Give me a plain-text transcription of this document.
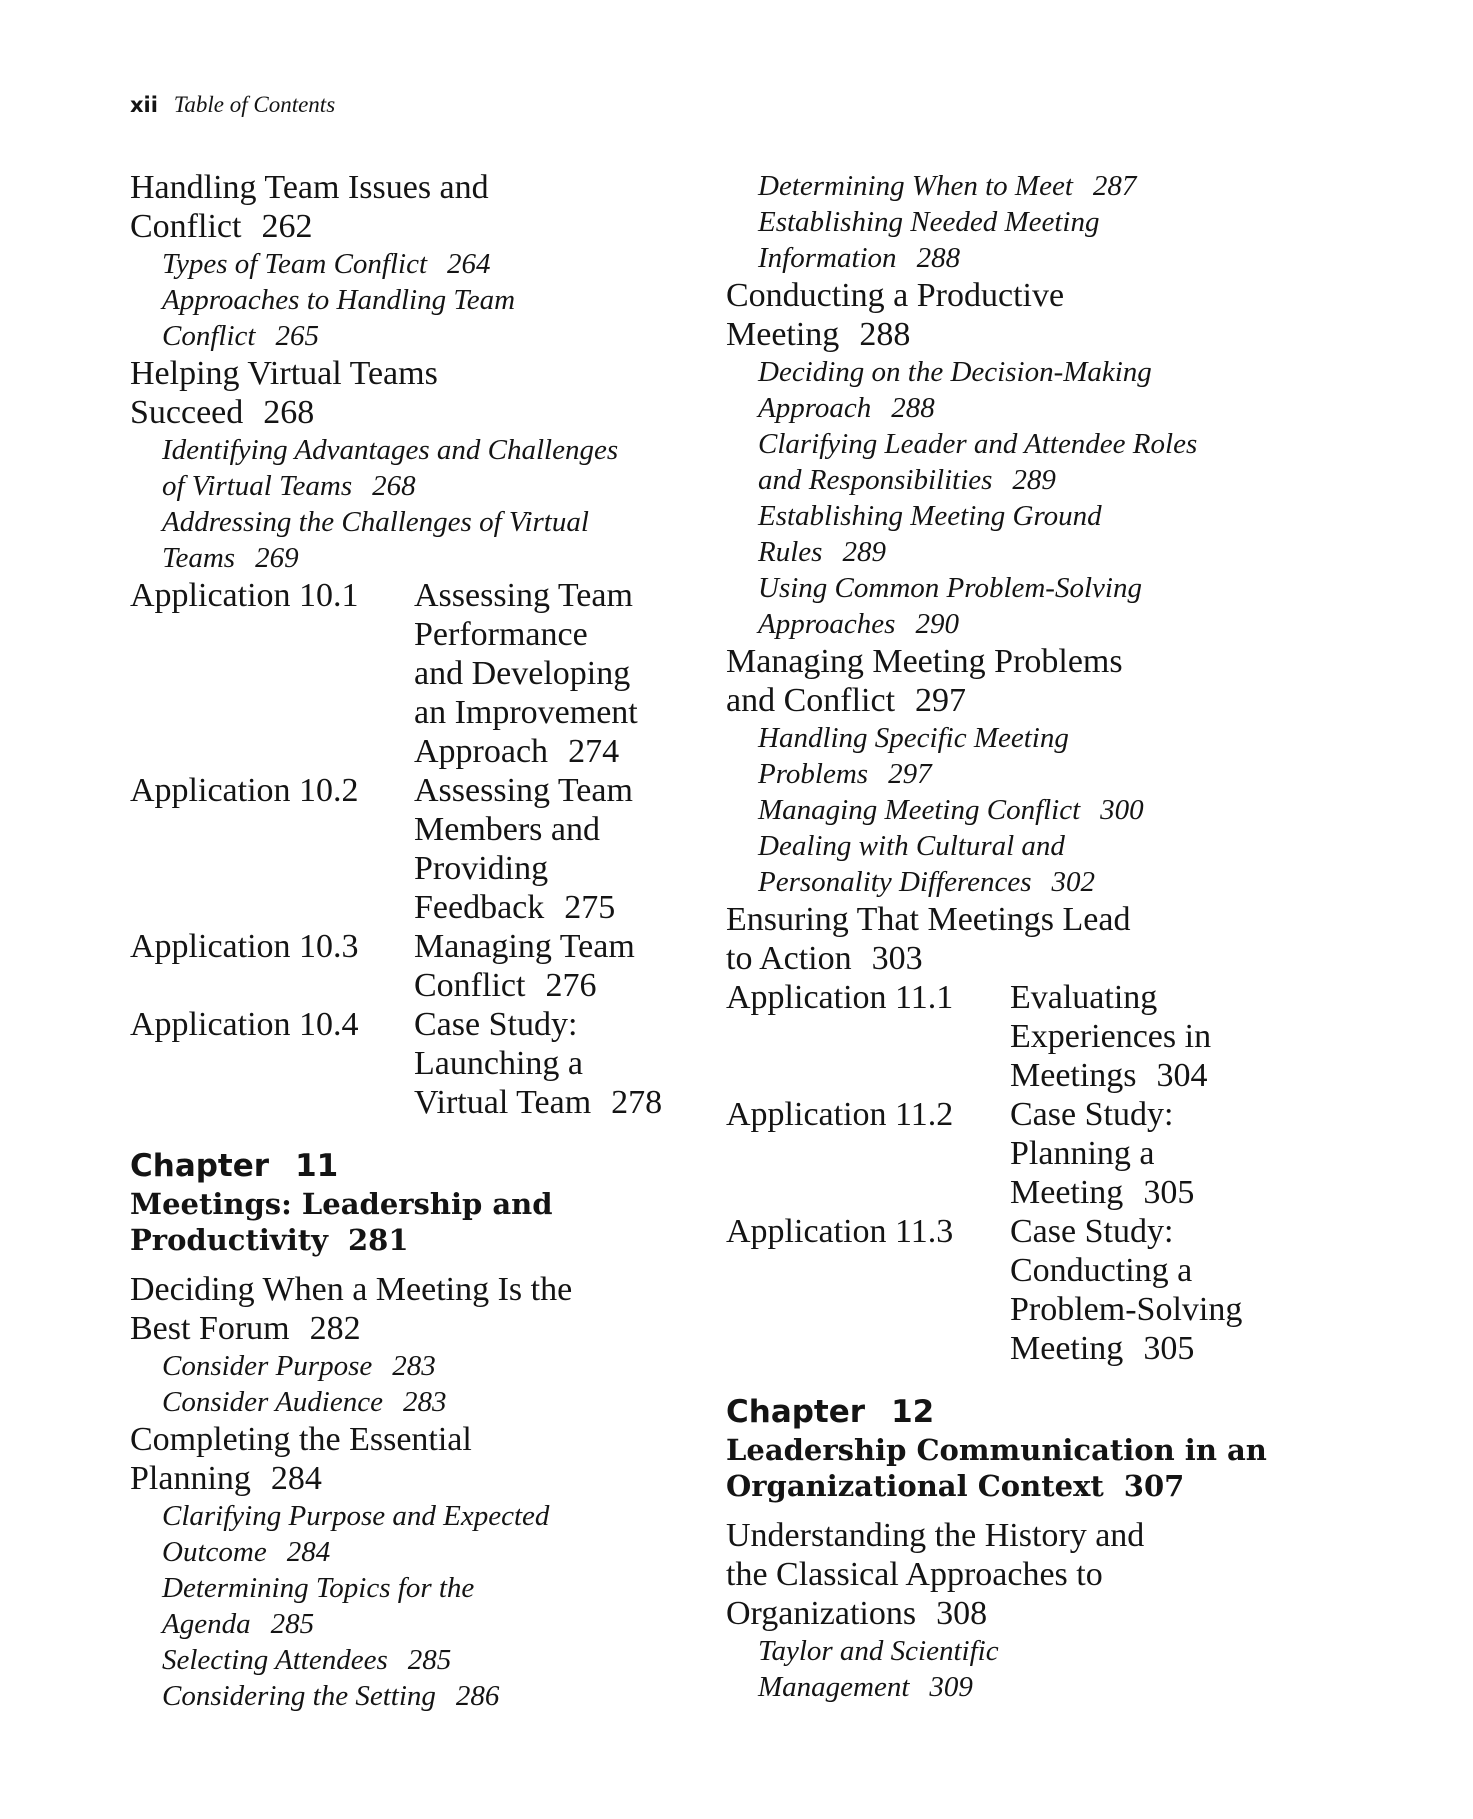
xii Table of Contents
Handling Team Issues and
Conflict 262
Types of Team Conflict 264
Approaches to Handling Team
Conflict 265
Helping Virtual Teams
Succeed 268
Identifying Advantages and Challenges
of Virtual Teams 268
Addressing the Challenges of Virtual
Teams 269
Application 10.1	Assessing Team
Performance
and Developing
an Improvement
Approach 274
Application 10.2	Assessing Team
Members and
Providing
Feedback 275
Application 10.3	Managing Team
Conflict 276
Application 10.4	Case Study:
Launching a
Virtual Team 278
Chapter 11
Meetings: Leadership and
Productivity 281
Deciding When a Meeting Is the
Best Forum 282
Consider Purpose 283
Consider Audience 283
Completing the Essential
Planning 284
Clarifying Purpose and Expected
Outcome 284
Determining Topics for the
Agenda 285
Selecting Attendees 285
Considering the Setting 286
Determining When to Meet 287
Establishing Needed Meeting
Information 288
Conducting a Productive
Meeting 288
Deciding on the Decision-Making
Approach 288
Clarifying Leader and Attendee Roles
and Responsibilities 289
Establishing Meeting Ground
Rules 289
Using Common Problem-Solving
Approaches 290
Managing Meeting Problems
and Conflict 297
Handling Specific Meeting
Problems 297
Managing Meeting Conflict 300
Dealing with Cultural and
Personality Differences 302
Ensuring That Meetings Lead
to Action 303
Application 11.1	Evaluating
Experiences in
Meetings 304
Application 11.2	Case Study:
Planning a
Meeting 305
Application 11.3	Case Study:
Conducting a
Problem-Solving
Meeting 305
Chapter 12
Leadership Communication in an
Organizational Context 307
Understanding the History and
the Classical Approaches to
Organizations 308
Taylor and Scientific
Management 309
